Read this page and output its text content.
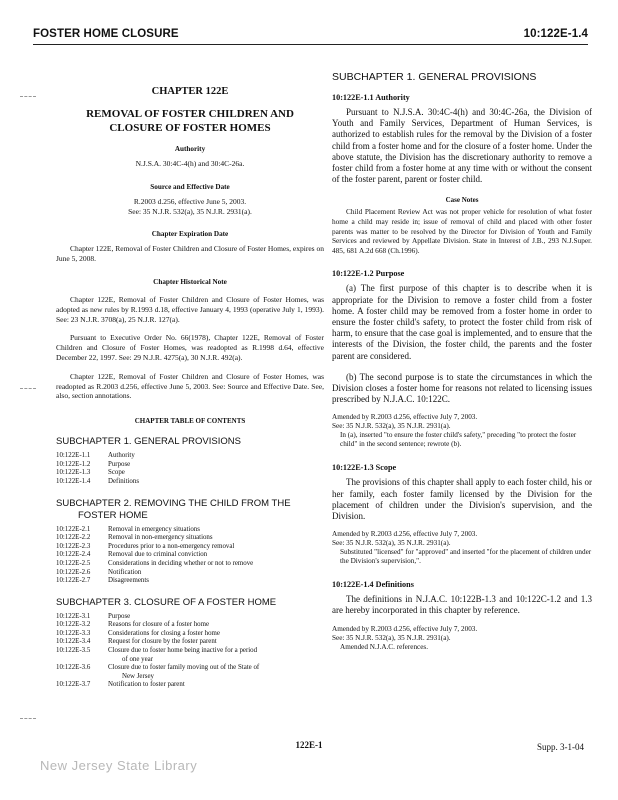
FOSTER HOME CLOSURE	10:122E-1.4
CHAPTER 122E
REMOVAL OF FOSTER CHILDREN AND
CLOSURE OF FOSTER HOMES
Authority
N.J.S.A. 30:4C-4(h) and 30:4C-26a.
Source and Effective Date
R.2003 d.256, effective June 5, 2003.
See: 35 N.J.R. 532(a), 35 N.J.R. 2931(a).
Chapter Expiration Date
Chapter 122E, Removal of Foster Children and Closure of Foster Homes, expires on June 5, 2008.
Chapter Historical Note
Chapter 122E, Removal of Foster Children and Closure of Foster Homes, was adopted as new rules by R.1993 d.18, effective January 4, 1993 (operative July 1, 1993). See: 23 N.J.R. 3708(a), 25 N.J.R. 127(a).
Pursuant to Executive Order No. 66(1978), Chapter 122E, Removal of Foster Children and Closure of Foster Homes, was readopted as R.1998 d.64, effective December 22, 1997. See: 29 N.J.R. 4275(a), 30 N.J.R. 492(a).
Chapter 122E, Removal of Foster Children and Closure of Foster Homes, was readopted as R.2003 d.256, effective June 5, 2003. See: Source and Effective Date. See, also, section annotations.
CHAPTER TABLE OF CONTENTS
SUBCHAPTER 1. GENERAL PROVISIONS
10:122E-1.1	Authority
10:122E-1.2	Purpose
10:122E-1.3	Scope
10:122E-1.4	Definitions
SUBCHAPTER 2. REMOVING THE CHILD FROM THE
FOSTER HOME
10:122E-2.1	Removal in emergency situations
10:122E-2.2	Removal in non-emergency situations
10:122E-2.3	Procedures prior to a non-emergency removal
10:122E-2.4	Removal due to criminal conviction
10:122E-2.5	Considerations in deciding whether or not to remove
10:122E-2.6	Notification
10:122E-2.7	Disagreements
SUBCHAPTER 3. CLOSURE OF A FOSTER HOME
10:122E-3.1	Purpose
10:122E-3.2	Reasons for closure of a foster home
10:122E-3.3	Considerations for closing a foster home
10:122E-3.4	Request for closure by the foster parent
10:122E-3.5	Closure due to foster home being inactive for a period
of one year
10:122E-3.6	Closure due to foster family moving out of the State of
New Jersey
10:122E-3.7	Notification to foster parent
SUBCHAPTER 1. GENERAL PROVISIONS
10:122E-1.1 Authority
Pursuant to N.J.S.A. 30:4C-4(h) and 30:4C-26a, the Division of Youth and Family Services, Department of Human Services, is authorized to establish rules for the removal by the Division of a foster child from a foster home and for the closure of a foster home. Under the above statute, the Division has the discretionary authority to remove a foster child from a foster home at any time with or without the consent of the foster parent, parent or foster child.
Case Notes
Child Placement Review Act was not proper vehicle for resolution of what foster home a child may reside in; issue of removal of child and placed with other foster parents was matter to be resolved by the Director for Division of Youth and Family Services and reviewed by Appellate Division. State in Interest of J.B., 293 N.J.Super. 485, 681 A.2d 668 (Ch.1996).
10:122E-1.2 Purpose
(a) The first purpose of this chapter is to describe when it is appropriate for the Division to remove a foster child from a foster home. A foster child may be removed from a foster home in order to ensure the foster child's safety, to protect the foster child from risk of harm, to ensure that the case goal is implemented, and to ensure that the interests of the Division, the foster child, the parents and the foster parent are considered.
(b) The second purpose is to state the circumstances in which the Division closes a foster home for reasons not related to licensing issues prescribed by N.J.A.C. 10:122C.
Amended by R.2003 d.256, effective July 7, 2003.
See: 35 N.J.R. 532(a), 35 N.J.R. 2931(a).
In (a), inserted "to ensure the foster child's safety," preceding "to protect the foster child" in the second sentence; rewrote (b).
10:122E-1.3 Scope
The provisions of this chapter shall apply to each foster child, his or her family, each foster family licensed by the Division for the placement of children under the Division's supervision, and the Division.
Amended by R.2003 d.256, effective July 7, 2003.
See: 35 N.J.R. 532(a), 35 N.J.R. 2931(a).
Substituted "licensed" for "approved" and inserted "for the placement of children under the Division's supervision,".
10:122E-1.4 Definitions
The definitions in N.J.A.C. 10:122B-1.3 and 10:122C-1.2 and 1.3 are hereby incorporated in this chapter by reference.
Amended by R.2003 d.256, effective July 7, 2003.
See: 35 N.J.R. 532(a), 35 N.J.R. 2931(a).
Amended N.J.A.C. references.
122E-1	Supp. 3-1-04
New Jersey State Library
